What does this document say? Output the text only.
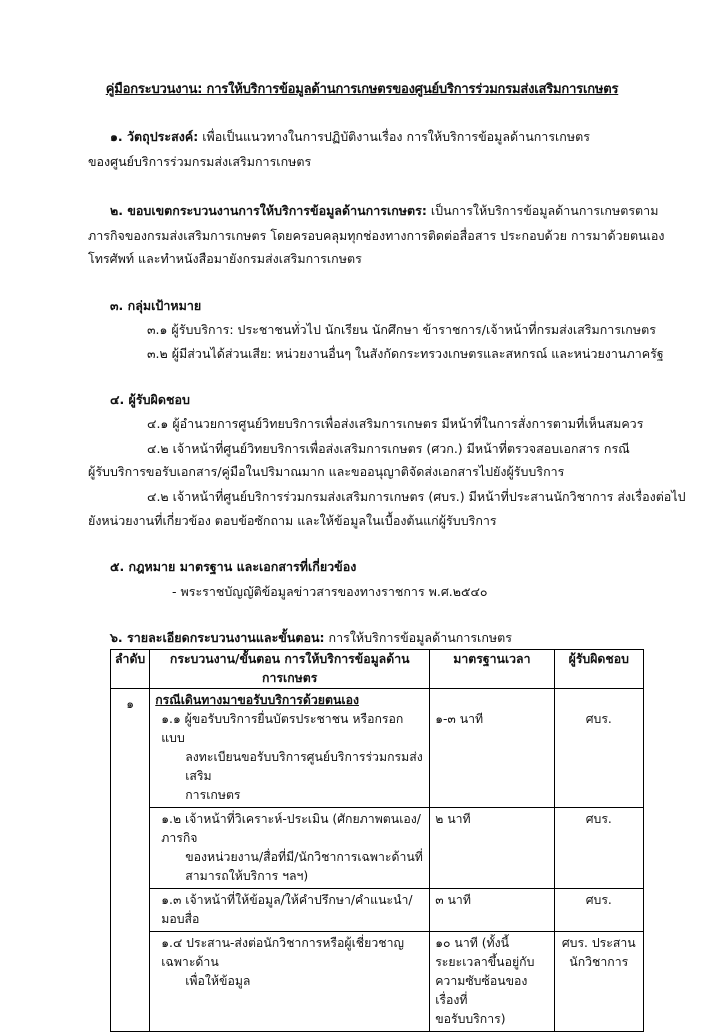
คู่มือกระบวนงาน: การให้บริการข้อมูลด้านการเกษตรของศูนย์บริการร่วมกรมส่งเสริมการเกษตร
๑. วัตถุประสงค์: เพื่อเป็นแนวทางในการปฏิบัติงานเรื่อง การให้บริการข้อมูลด้านการเกษตร
ของศูนย์บริการร่วมกรมส่งเสริมการเกษตร
๒. ขอบเขตกระบวนงานการให้บริการข้อมูลด้านการเกษตร: เป็นการให้บริการข้อมูลด้านการเกษตรตาม
ภารกิจของกรมส่งเสริมการเกษตร โดยครอบคลุมทุกช่องทางการติดต่อสื่อสาร ประกอบด้วย การมาด้วยตนเอง
โทรศัพท์ และทำหนังสือมายังกรมส่งเสริมการเกษตร
๓. กลุ่มเป้าหมาย
๓.๑ ผู้รับบริการ: ประชาชนทั่วไป นักเรียน นักศึกษา ข้าราชการ/เจ้าหน้าที่กรมส่งเสริมการเกษตร
๓.๒ ผู้มีส่วนได้ส่วนเสีย: หน่วยงานอื่นๆ ในสังกัดกระทรวงเกษตรและสหกรณ์ และหน่วยงานภาครัฐ
๔. ผู้รับผิดชอบ
๔.๑ ผู้อำนวยการศูนย์วิทยบริการเพื่อส่งเสริมการเกษตร มีหน้าที่ในการสั่งการตามที่เห็นสมควร
๔.๒ เจ้าหน้าที่ศูนย์วิทยบริการเพื่อส่งเสริมการเกษตร (ศวก.) มีหน้าที่ตรวจสอบเอกสาร กรณี
ผู้รับบริการขอรับเอกสาร/คู่มือในปริมาณมาก และขออนุญาติจัดส่งเอกสารไปยังผู้รับบริการ
๔.๒ เจ้าหน้าที่ศูนย์บริการร่วมกรมส่งเสริมการเกษตร (ศบร.) มีหน้าที่ประสานนักวิชาการ ส่งเรื่องต่อไป
ยังหน่วยงานที่เกี่ยวข้อง ตอบข้อซักถาม และให้ข้อมูลในเบื้องต้นแก่ผู้รับบริการ
๕. กฎหมาย มาตรฐาน และเอกสารที่เกี่ยวข้อง
- พระราชบัญญัติข้อมูลข่าวสารของทางราชการ พ.ศ.๒๕๔๐
๖. รายละเอียดกระบวนงานและขั้นตอน: การให้บริการข้อมูลด้านการเกษตร
ลำดับ	กระบวนงาน/ขั้นตอน การให้บริการข้อมูลด้านการเกษตร	มาตรฐานเวลา	ผู้รับผิดชอบ
๑	กรณีเดินทางมาขอรับบริการด้วยตนเอง
๑.๑ ผู้ขอรับบริการยื่นบัตรประชาชน หรือกรอกแบบ
ลงทะเบียนขอรับบริการศูนย์บริการร่วมกรมส่งเสริม
การเกษตร	๑-๓ นาที	ศบร.

	๑.๒ เจ้าหน้าที่วิเคราะห์-ประเมิน (ศักยภาพตนเอง/ภารกิจ
ของหน่วยงาน/สื่อที่มี/นักวิชาการเฉพาะด้านที่
สามารถให้บริการ ฯลฯ)	๒ นาที	ศบร.

	๑.๓ เจ้าหน้าที่ให้ข้อมูล/ให้คำปรึกษา/คำแนะนำ/มอบสื่อ	๓ นาที	ศบร.

	๑.๔ ประสาน-ส่งต่อนักวิชาการหรือผู้เชี่ยวชาญเฉพาะด้าน
เพื่อให้ข้อมูล	๑๐ นาที (ทั้งนี้
ระยะเวลาขึ้นอยู่กับ
ความซับซ้อนของเรื่องที่
ขอรับบริการ)	ศบร. ประสาน
นักวิชาการ
